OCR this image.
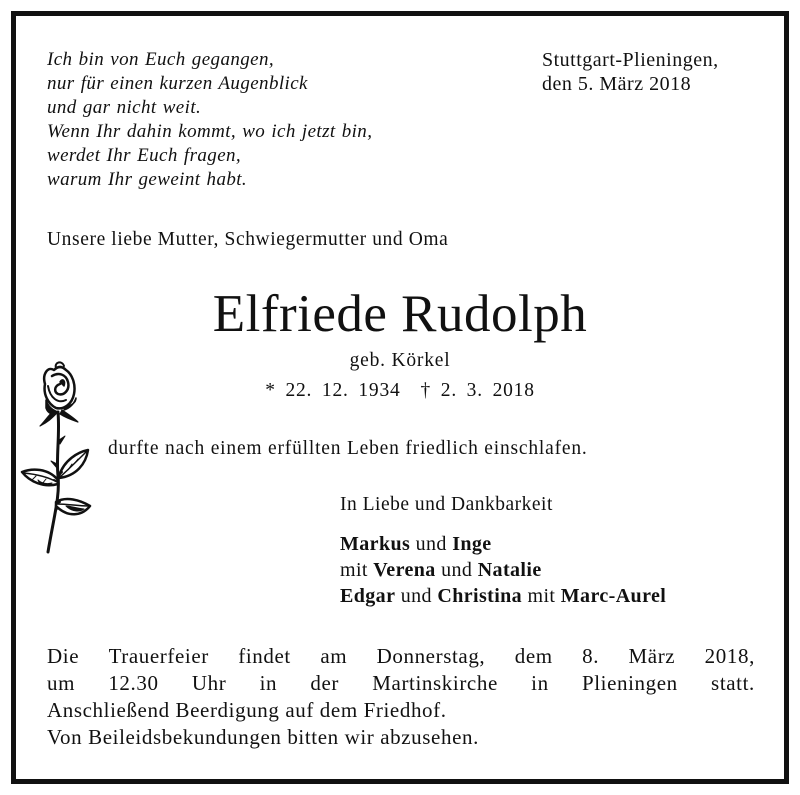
Ich bin von Euch gegangen,
nur für einen kurzen Augenblick
und gar nicht weit.
Wenn Ihr dahin kommt, wo ich jetzt bin,
werdet Ihr Euch fragen,
warum Ihr geweint habt.
Stuttgart-Plieningen,
den 5. März 2018
Unsere liebe Mutter, Schwiegermutter und Oma
Elfriede Rudolph
geb. Körkel
* 22. 12. 1934 † 2. 3. 2018
durfte nach einem erfüllten Leben friedlich einschlafen.
In Liebe und Dankbarkeit
Markus und Inge
mit Verena und Natalie
Edgar und Christina mit Marc-Aurel
Die Trauerfeier findet am Donnerstag, dem 8. März 2018,
um 12.30 Uhr in der Martinskirche in Plieningen statt.
Anschließend Beerdigung auf dem Friedhof.
Von Beileidsbekundungen bitten wir abzusehen.
